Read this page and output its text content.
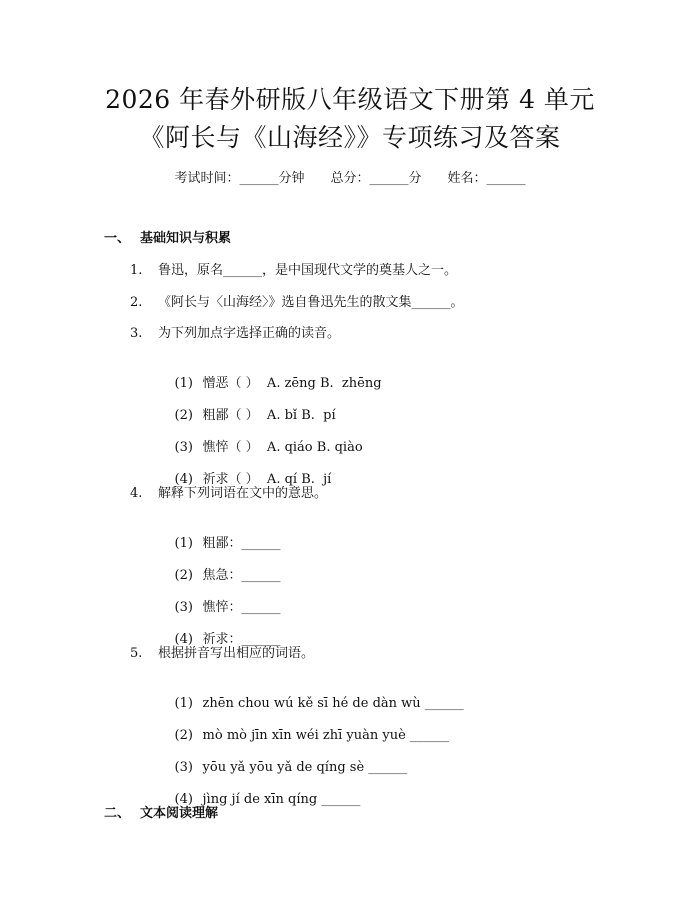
2026 年春外研版八年级语文下册第 4 单元
《阿长与《山海经》》专项练习及答案
考试时间：______分钟 总分：______分 姓名：______
一、 基础知识与积累
1. 鲁迅，原名______，是中国现代文学的奠基人之一。
2. 《阿长与〈山海经〉》选自鲁迅先生的散文集______。
3. 为下列加点字选择正确的读音。

(1) 憎恶（ ）  A. zēng B.  zhēng

(2) 粗鄙（ ）  A. bǐ B.  pí

(3) 憔悴（ ）  A. qiáo B. qiào

(4) 祈求（ ）  A. qí B.  jí

4. 解释下列词语在文中的意思。

(1) 粗鄙：______

(2) 焦急：______

(3) 憔悴：______

(4) 祈求：______

5. 根据拼音写出相应的词语。

(1) zhēn chou wú kě sī hé de dàn wù ______

(2) mò mò jīn xīn wéi zhī yuàn yuè ______

(3) yōu yǎ yōu yǎ de qíng sè ______

(4) jìng jí de xīn qíng ______

二、 文本阅读理解
